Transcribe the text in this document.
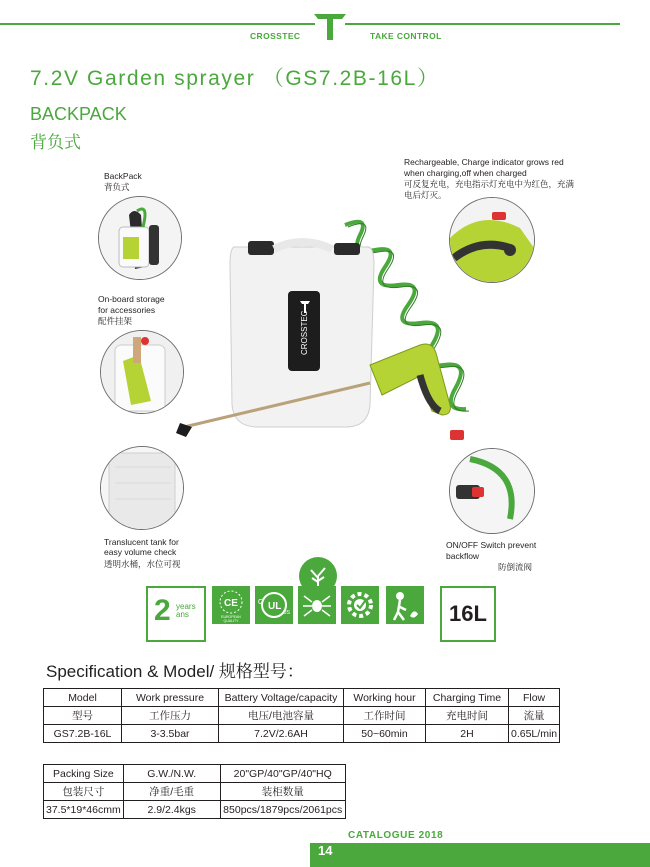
CROSSTEC	TAKE CONTROL
7.2V Garden sprayer （GS7.2B-16L）
BACKPACK
背负式
BackPack
背负式
On-board storage
for accessories
配件挂架
Translucent tank for
easy volume check
透明水桶，水位可视
Rechargeable, Charge indicator grows red
when charging,off when charged
可反复充电，充电指示灯充电中为红色，充满
电后灯灭。
ON/OFF Switch prevent
backflow
防倒流阀
CROSSTEC
2 years
ans
CE
EUROPEAN QUALITY
UL
C
US	16L
Specification & Model/ 规格型号：
Model	Work pressure	Battery Voltage/capacity	Working hour	Charging Time	Flow
型号	工作压力	电压/电池容量	工作时间	充电时间	流量
GS7.2B-16L	3-3.5bar	7.2V/2.6AH	50~60min	2H	0.65L/min
Packing Size	G.W./N.W.	20"GP/40"GP/40"HQ
包装尺寸	净重/毛重	装柜数量
37.5*19*46cmm	2.9/2.4kgs	850pcs/1879pcs/2061pcs
CATALOGUE 2018
14
